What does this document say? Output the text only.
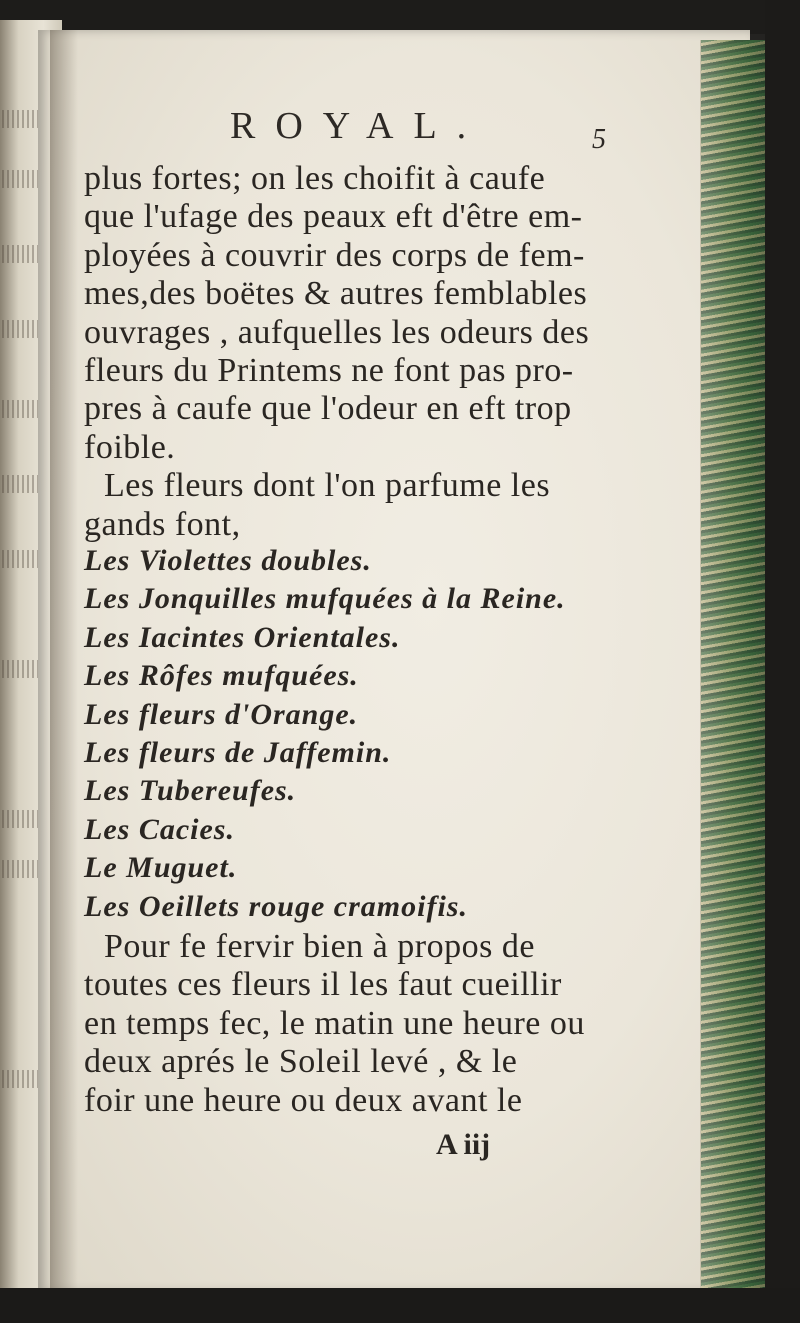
ROYAL.	5
plus fortes; on les choifit à caufe
que l'ufage des peaux eft d'être em-
ployées à couvrir des corps de fem-
mes,des boëtes & autres femblables
ouvrages , aufquelles les odeurs des
fleurs du Printems ne font pas pro-
pres à caufe que l'odeur en eft trop
foible.
Les fleurs dont l'on parfume les
gands font,
Les Violettes doubles.
Les Jonquilles mufquées à la Reine.
Les Iacintes Orientales.
Les Rôfes mufquées.
Les fleurs d'Orange.
Les fleurs de Jaffemin.
Les Tubereufes.
Les Cacies.
Le Muguet.
Les Oeillets rouge cramoifis.
Pour fe fervir bien à propos de
toutes ces fleurs il les faut cueillir
en temps fec, le matin une heure ou
deux aprés le Soleil levé , & le
foir une heure ou deux avant le
A iij
